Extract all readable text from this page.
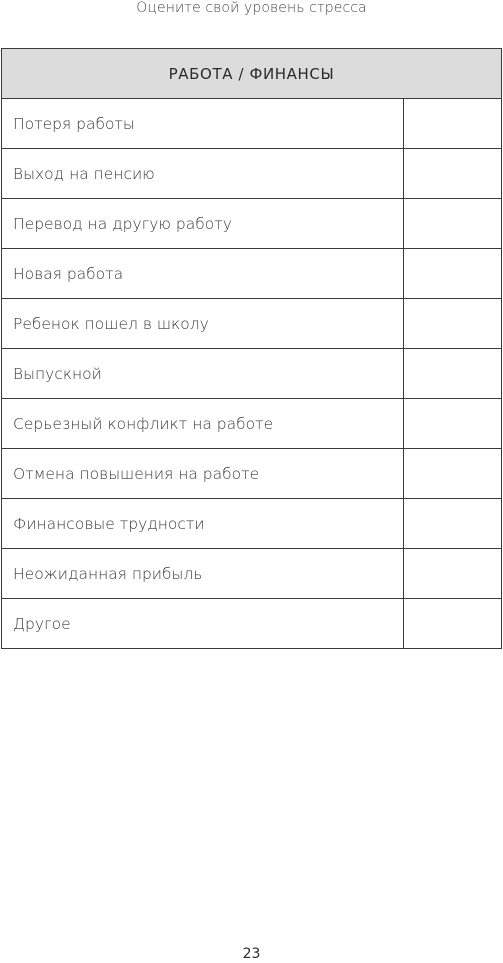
Оцените свой уровень стресса
РАБОТА / ФИНАНСЫ	
Потеря работы	
Выход на пенсию	
Перевод на другую работу	
Новая работа	
Ребенок пошел в школу	
Выпускной	
Серьезный конфликт на работе	
Отмена повышения на работе	
Финансовые трудности	
Неожиданная прибыль	
Другое	
23
